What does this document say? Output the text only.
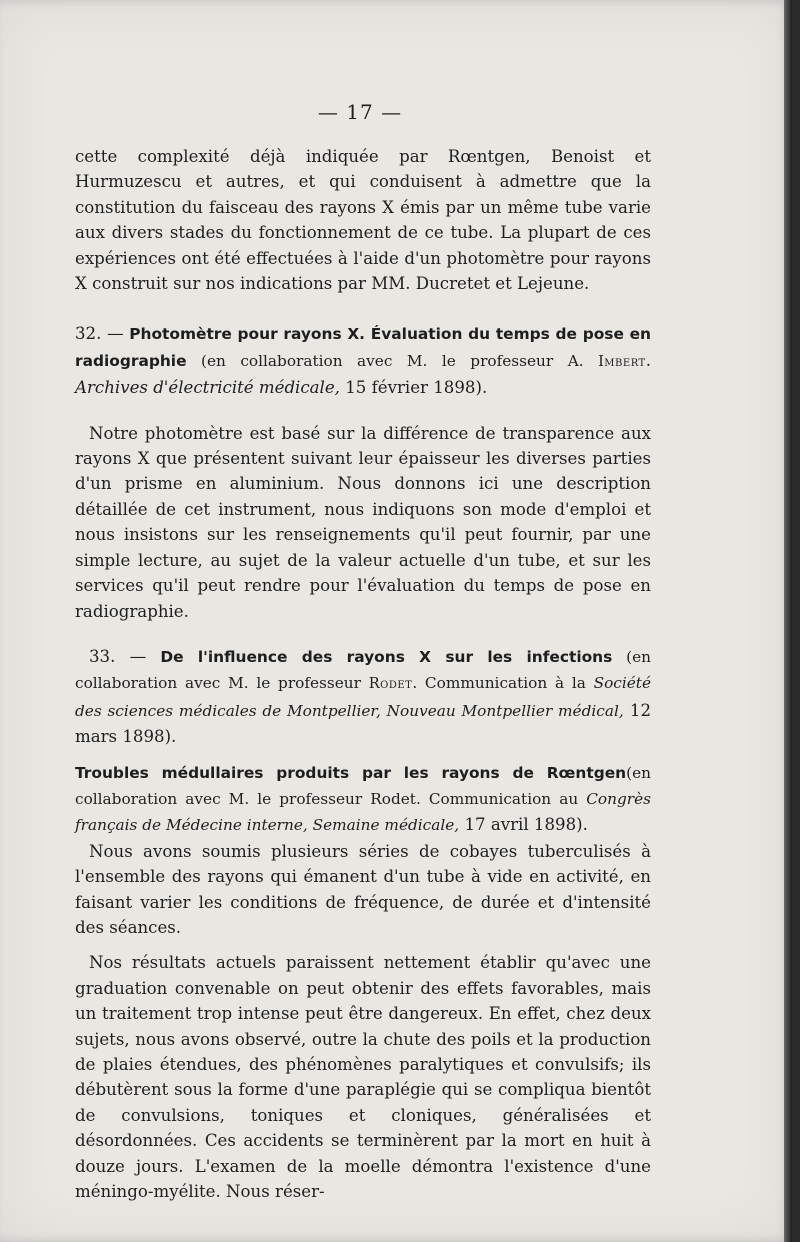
— 17 —

cette complexité déjà indiquée par Rœntgen, Benoist et Hurmuzescu et autres, et qui conduisent à admettre que la constitution du faisceau des rayons X émis par un même tube varie aux divers stades du fonctionnement de ce tube. La plupart de ces expériences ont été effectuées à l'aide d'un photomètre pour rayons X construit sur nos indications par MM. Ducretet et Lejeune.

32. — Photomètre pour rayons X. Évaluation du temps de pose en radiographie (en collaboration avec M. le professeur A. Imbert. Archives d'électricité médicale, 15 février 1898).

Notre photomètre est basé sur la différence de transparence aux rayons X que présentent suivant leur épaisseur les diverses parties d'un prisme en aluminium. Nous donnons ici une description détaillée de cet instrument, nous indiquons son mode d'emploi et nous insistons sur les renseignements qu'il peut fournir, par une simple lecture, au sujet de la valeur actuelle d'un tube, et sur les services qu'il peut rendre pour l'évaluation du temps de pose en radiographie.

33. — De l'influence des rayons X sur les infections (en collaboration avec M. le professeur Rodet. Communication à la Société des sciences médicales de Montpellier, Nouveau Montpellier médical, 12 mars 1898).

Troubles médullaires produits par les rayons de Rœntgen(en collaboration avec M. le professeur Rodet. Communication au Congrès français de Médecine interne, Semaine médicale, 17 avril 1898).

Nous avons soumis plusieurs séries de cobayes tuberculisés à l'ensemble des rayons qui émanent d'un tube à vide en activité, en faisant varier les conditions de fréquence, de durée et d'intensité des séances.

Nos résultats actuels paraissent nettement établir qu'avec une graduation convenable on peut obtenir des effets favorables, mais un traitement trop intense peut être dangereux. En effet, chez deux sujets, nous avons observé, outre la chute des poils et la production de plaies étendues, des phénomènes paralytiques et convulsifs; ils débutèrent sous la forme d'une paraplégie qui se compliqua bientôt de convulsions, toniques et cloniques, généralisées et désordonnées. Ces accidents se terminèrent par la mort en huit à douze jours. L'examen de la moelle démontra l'existence d'une méningo-myélite. Nous réser-
